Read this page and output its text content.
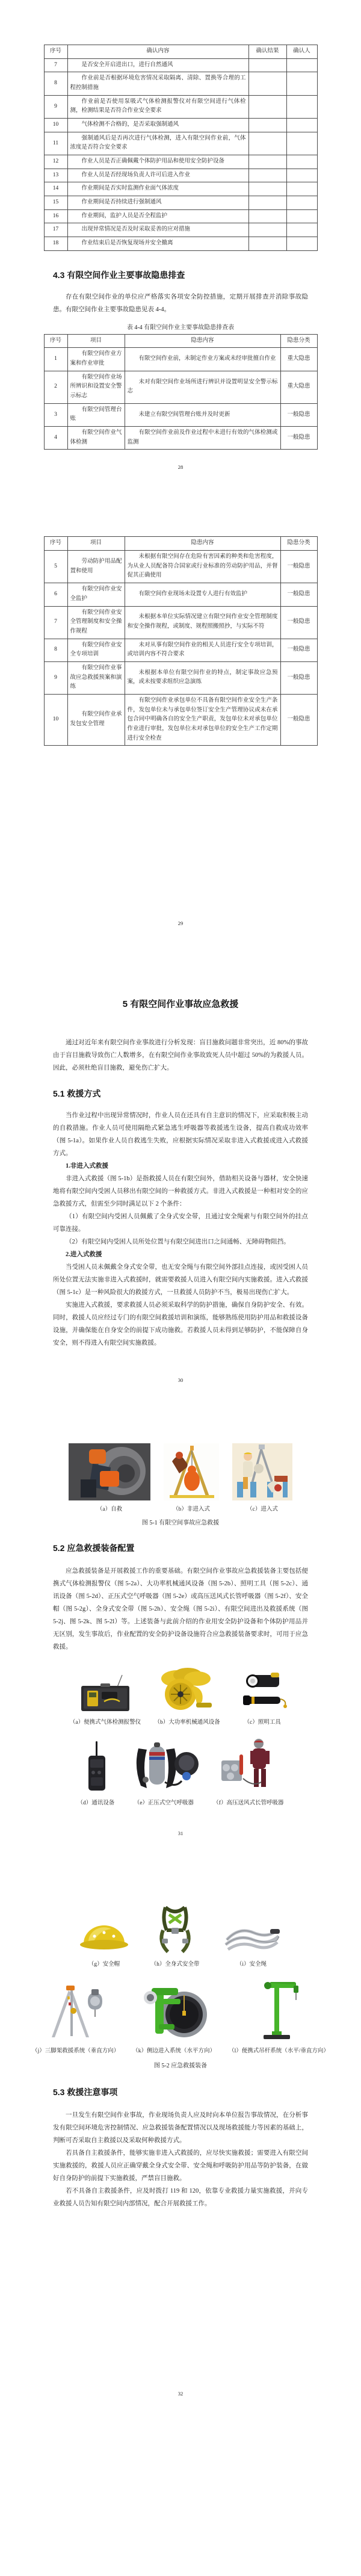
序号	确认内容	确认结果	确认人
7	是否安全开启进出口，进行自然通风		
8	作业前是否根据环境危害情况采取隔离、清除、置换等合理的工程控制措施		
9	作业前是否使用泵吸式气体检测报警仪对有限空间进行气体检测，检测结果是否符合作业安全要求		
10	气体检测不合格的，是否采取强制通风		
11	强制通风后是否再次进行气体检测，进入有限空间作业前，气体浓度是否符合安全要求		
12	作业人员是否正确佩戴个体防护用品和使用安全防护设备		
13	作业人员是否经现场负责人许可后进入作业		
14	作业期间是否实时监测作业面气体浓度		
15	作业期间是否持续进行强制通风		
16	作业期间，监护人员是否全程监护		
17	出现异常情况是否及时采取妥善的应对措施		
18	作业结束后是否恢复现场并安全撤离		
4.3 有限空间作业主要事故隐患排查

存在有限空间作业的单位应严格落实各项安全防控措施，定期开展排查并消除事故隐患。有限空间作业主要事故隐患见表 4-4。

表 4-4 有限空间作业主要事故隐患排查表

序号	项目	隐患内容	隐患分类
1	有限空间作业方案和作业审批	有限空间作业前，未制定作业方案或未经审批擅自作业	重大隐患
2	有限空间作业场所辨识和设置安全警示标志	未对有限空间作业场所进行辨识并设置明显安全警示标志	重大隐患
3	有限空间管理台账	未建立有限空间管理台账并及时更新	一般隐患
4	有限空间作业气体检测	有限空间作业前及作业过程中未进行有效的气体检测或监测	一般隐患

28

序号	项目	隐患内容	隐患分类
5	劳动防护用品配置和使用	未根据有限空间存在危险有害因素的种类和危害程度，为从业人员配备符合国家或行业标准的劳动防护用品，并督促其正确使用	一般隐患
6	有限空间作业安全监护	有限空间作业现场未设置专人进行有效监护	一般隐患
7	有限空间作业安全管理制度和安全操作规程	未根据本单位实际情况建立有限空间作业安全管理制度和安全操作规程，或制度、规程照搬照抄，与实际不符	一般隐患
8	有限空间作业安全专项培训	未对从事有限空间作业的相关人员进行安全专项培训，或培训内容不符合要求	一般隐患
9	有限空间作业事故应急救援预案和演练	未根据本单位有限空间作业的特点，制定事故应急预案，或未按要求组织应急演练	一般隐患
10	有限空间作业承发包安全管理	有限空间作业承包单位不具备有限空间作业安全生产条件，发包单位未与承包单位签订安全生产管理协议或未在承包合同中明确各自的安全生产职责，发包单位未对承包单位作业进行审批，发包单位未对承包单位的安全生产工作定期进行安全检查	一般隐患

29

5 有限空间作业事故应急救援

通过对近年来有限空间作业事故进行分析发现：盲目施救问题非常突出，近 80%的事故由于盲目施救导致伤亡人数增多，在有限空间作业事故致死人员中超过 50%的为救援人员。因此，必须杜绝盲目施救，避免伤亡扩大。

5.1 救援方式

当作业过程中出现异常情况时，作业人员在还具有自主意识的情况下，应采取积极主动的自救措施。作业人员可使用隔绝式紧急逃生呼吸器等救援逃生设备，提高自救成功效率（图 5-1a）。如果作业人员自救逃生失败，应根据实际情况采取非进入式救援或进入式救援方式。

1.非进入式救援

非进入式救援（图 5-1b）是指救援人员在有限空间外，借助相关设备与器材，安全快速地将有限空间内受困人员移出有限空间的一种救援方式。非进入式救援是一种相对安全的应急救援方式，但需至少同时满足以下 2 个条件：

（1）有限空间内受困人员佩戴了全身式安全带，且通过安全绳索与有限空间外的挂点可靠连接。

（2）有限空间内受困人员所处位置与有限空间进出口之间通畅、无障碍物阻挡。

2.进入式救援

当受困人员未佩戴全身式安全带，也无安全绳与有限空间外部挂点连接，或因受困人员所处位置无法实施非进入式救援时，就需要救援人员进入有限空间内实施救援。进入式救援（图 5-1c）是一种风险很大的救援方式，一旦救援人员防护不当，极易出现伤亡扩大。

实施进入式救援，要求救援人员必须采取科学的防护措施，确保自身防护安全、有效。同时，救援人员应经过专门的有限空间救援培训和演练，能够熟练使用防护用品和救援设备设施，并确保能在自身安全的前提下成功施救。若救援人员未得到足够防护，不能保障自身安全，则不得进入有限空间实施救援。

30

（a）自救	（b）非进入式	（c）进入式

图 5-1 有限空间事故应急救援

5.2 应急救援装备配置

应急救援装备是开展救援工作的重要基础。有限空间作业事故应急救援装备主要包括便携式气体检测报警仪（图 5-2a）、大功率机械通风设备（图 5-2b）、照明工具（图 5-2c）、通讯设备（图 5-2d）、正压式空气呼吸器（图 5-2e）或高压送风式长管呼吸器（图 5-2f）、安全帽（图 5-2g）、全身式安全带（图 5-2h）、安全绳（图 5-2i）、有限空间进出及救援系统（图 5-2j、图 5-2k、图 5-2l）等。上述装备与此前介绍的作业用安全防护设备和个体防护用品并无区别，发生事故后，作业配置的安全防护设备设施符合应急救援装备要求时，可用于应急救援。

（a）便携式气体检测报警仪 （b）大功率机械通风设备	（c）照明工具
（d）通讯设备	（e）正压式空气呼吸器	（f）高压送风式长管呼吸器

31

（g）安全帽	（h）全身式安全带	（i）安全绳
（j）三脚架救援系统（垂直方向） （k）侧边进入系统（水平方向） （l）便携式吊杆系统（水平/垂直方向）

图 5-2 应急救援装备

5.3 救援注意事项

一旦发生有限空间作业事故，作业现场负责人应及时向本单位报告事故情况，在分析事发有限空间环境危害控制情况、应急救援装备配置情况以及现场救援能力等因素的基础上，判断可否采取自主救援以及采取何种救援方式。

若具备自主救援条件，能够实施非进入式救援的，应尽快实施救援；需要进入有限空间实施救援的，救援人员应正确穿戴全身式安全带、安全绳和呼吸防护用品等防护装备，在做好自身防护的前提下实施救援，严禁盲目施救。

若不具备自主救援条件，应及时拨打 119 和 120，依靠专业救援力量实施救援，并向专业救援人员告知有限空间内部情况，配合开展救援工作。

32
